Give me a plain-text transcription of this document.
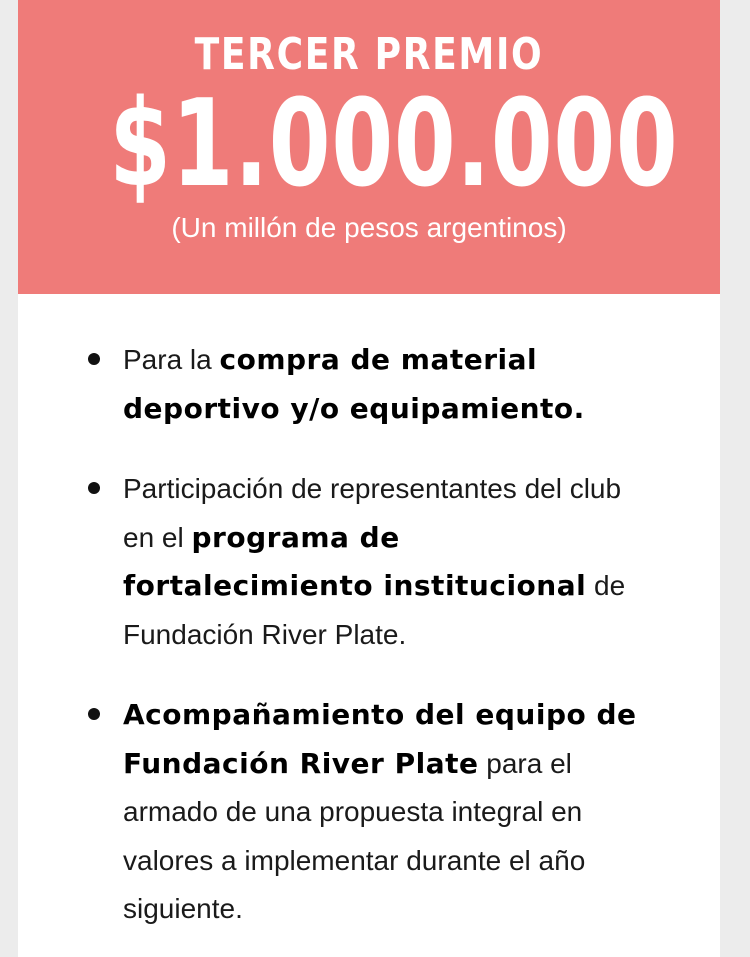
TERCER PREMIO
$1.000.000
(Un millón de pesos argentinos)
Para la compra de material deportivo y/o equipamiento.
Participación de representantes del club en el programa de fortalecimiento institucional de Fundación River Plate.
Acompañamiento del equipo de Fundación River Plate para el armado de una propuesta integral en valores a implementar durante el año siguiente.
